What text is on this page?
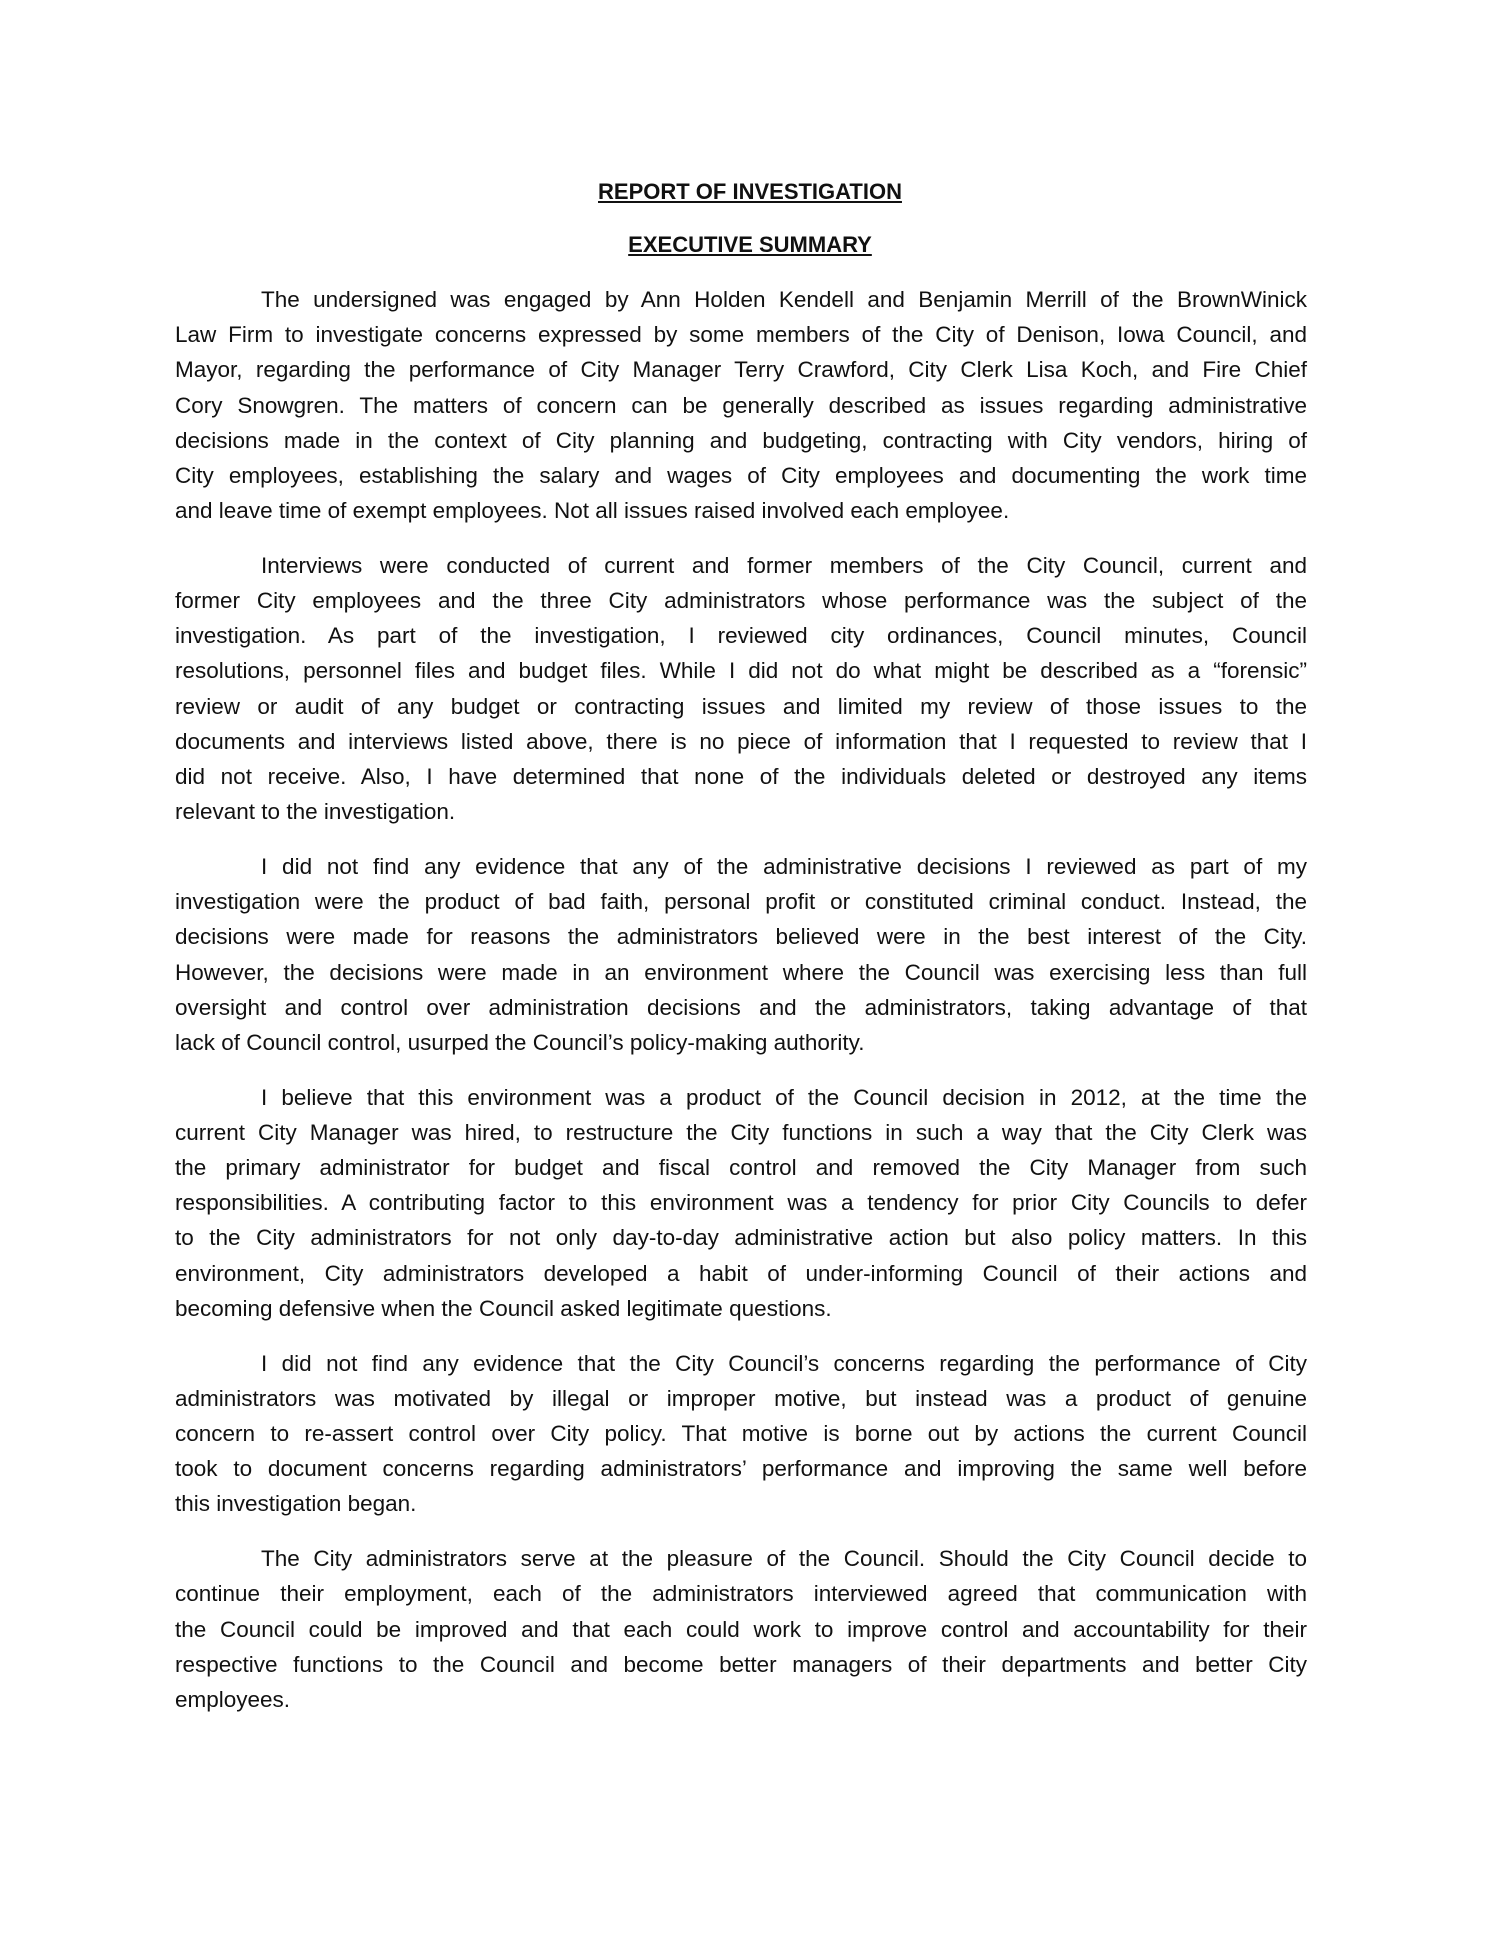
REPORT OF INVESTIGATION
EXECUTIVE SUMMARY
The undersigned was engaged by Ann Holden Kendell and Benjamin Merrill of the BrownWinick
Law Firm to investigate concerns expressed by some members of the City of Denison, Iowa Council, and
Mayor, regarding the performance of City Manager Terry Crawford, City Clerk Lisa Koch, and Fire Chief
Cory Snowgren. The matters of concern can be generally described as issues regarding administrative
decisions made in the context of City planning and budgeting, contracting with City vendors, hiring of
City employees, establishing the salary and wages of City employees and documenting the work time
and leave time of exempt employees. Not all issues raised involved each employee.
Interviews were conducted of current and former members of the City Council, current and
former City employees and the three City administrators whose performance was the subject of the
investigation. As part of the investigation, I reviewed city ordinances, Council minutes, Council
resolutions, personnel files and budget files. While I did not do what might be described as a “forensic”
review or audit of any budget or contracting issues and limited my review of those issues to the
documents and interviews listed above, there is no piece of information that I requested to review that I
did not receive. Also, I have determined that none of the individuals deleted or destroyed any items
relevant to the investigation.
I did not find any evidence that any of the administrative decisions I reviewed as part of my
investigation were the product of bad faith, personal profit or constituted criminal conduct. Instead, the
decisions were made for reasons the administrators believed were in the best interest of the City.
However, the decisions were made in an environment where the Council was exercising less than full
oversight and control over administration decisions and the administrators, taking advantage of that
lack of Council control, usurped the Council’s policy-making authority.
I believe that this environment was a product of the Council decision in 2012, at the time the
current City Manager was hired, to restructure the City functions in such a way that the City Clerk was
the primary administrator for budget and fiscal control and removed the City Manager from such
responsibilities. A contributing factor to this environment was a tendency for prior City Councils to defer
to the City administrators for not only day-to-day administrative action but also policy matters. In this
environment, City administrators developed a habit of under-informing Council of their actions and
becoming defensive when the Council asked legitimate questions.
I did not find any evidence that the City Council’s concerns regarding the performance of City
administrators was motivated by illegal or improper motive, but instead was a product of genuine
concern to re-assert control over City policy. That motive is borne out by actions the current Council
took to document concerns regarding administrators’ performance and improving the same well before
this investigation began.
The City administrators serve at the pleasure of the Council. Should the City Council decide to
continue their employment, each of the administrators interviewed agreed that communication with
the Council could be improved and that each could work to improve control and accountability for their
respective functions to the Council and become better managers of their departments and better City
employees.
